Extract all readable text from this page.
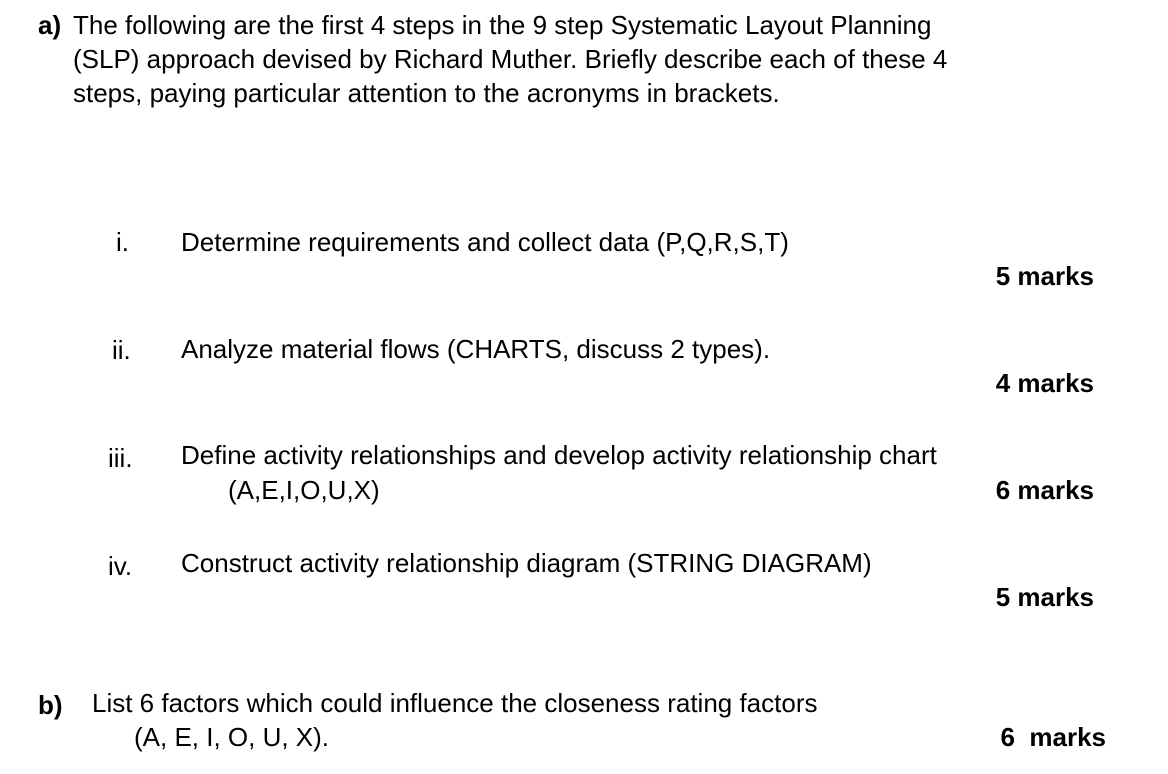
a) The following are the first 4 steps in the 9 step Systematic Layout Planning
(SLP) approach devised by Richard Muther. Briefly describe each of these 4
steps, paying particular attention to the acronyms in brackets.
i. Determine requirements and collect data (P,Q,R,S,T)
5 marks
ii. Analyze material flows (CHARTS, discuss 2 types).
4 marks
iii. Define activity relationships and develop activity relationship chart
(A,E,I,O,U,X)	6 marks
iv. Construct activity relationship diagram (STRING DIAGRAM)
5 marks
b) List 6 factors which could influence the closeness rating factors
(A, E, I, O, U, X).	6  marks
